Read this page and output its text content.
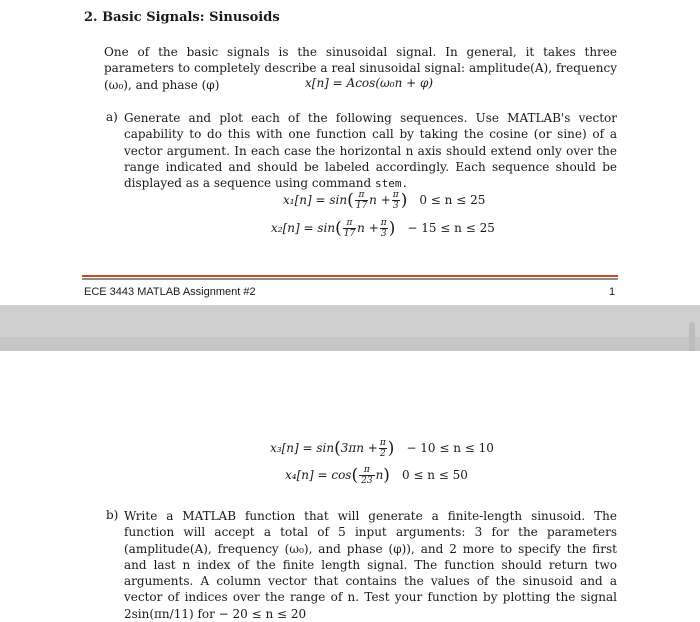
2. Basic Signals: Sinusoids
One of the basic signals is the sinusoidal signal. In general, it takes three parameters to completely describe a real sinusoidal signal: amplitude(A), frequency (ω₀), and phase (φ)	x[n] = Acos(ω₀n + φ)
a) Generate and plot each of the following sequences. Use MATLAB's vector capability to do this with one function call by taking the cosine (or sine) of a vector argument. In each case the horizontal n axis should extend only over the range indicated and should be labeled accordingly. Each sequence should be displayed as a sequence using command stem.
$x_1[n] = \sin( \frac{\pi}{17}$ $n + \frac{\pi}{3}$ ) 0 ≤ n ≤ 25
$x_2[n] = \sin( \frac{\pi}{17}$ $n + \frac{\pi}{3}$ ) − 15 ≤ n ≤ 25
ECE 3443 MATLAB Assignment #2	1
$x_3[n] = \sin(3\pi n + \frac{\pi}{2}$ ) − 10 ≤ n ≤ 10
$x_4[n] = \cos( \frac{\pi}{23} n)$ 0 ≤ n ≤ 50
b) Write a MATLAB function that will generate a finite-length sinusoid. The function will accept a total of 5 input arguments: 3 for the parameters (amplitude(A), frequency (ω₀), and phase (φ)), and 2 more to specify the first and last n index of the finite length signal. The function should return two arguments. A column vector that contains the values of the sinusoid and a vector of indices over the range of n. Test your function by plotting the signal 2sin(πn/11) for − 20 ≤ n ≤ 20
